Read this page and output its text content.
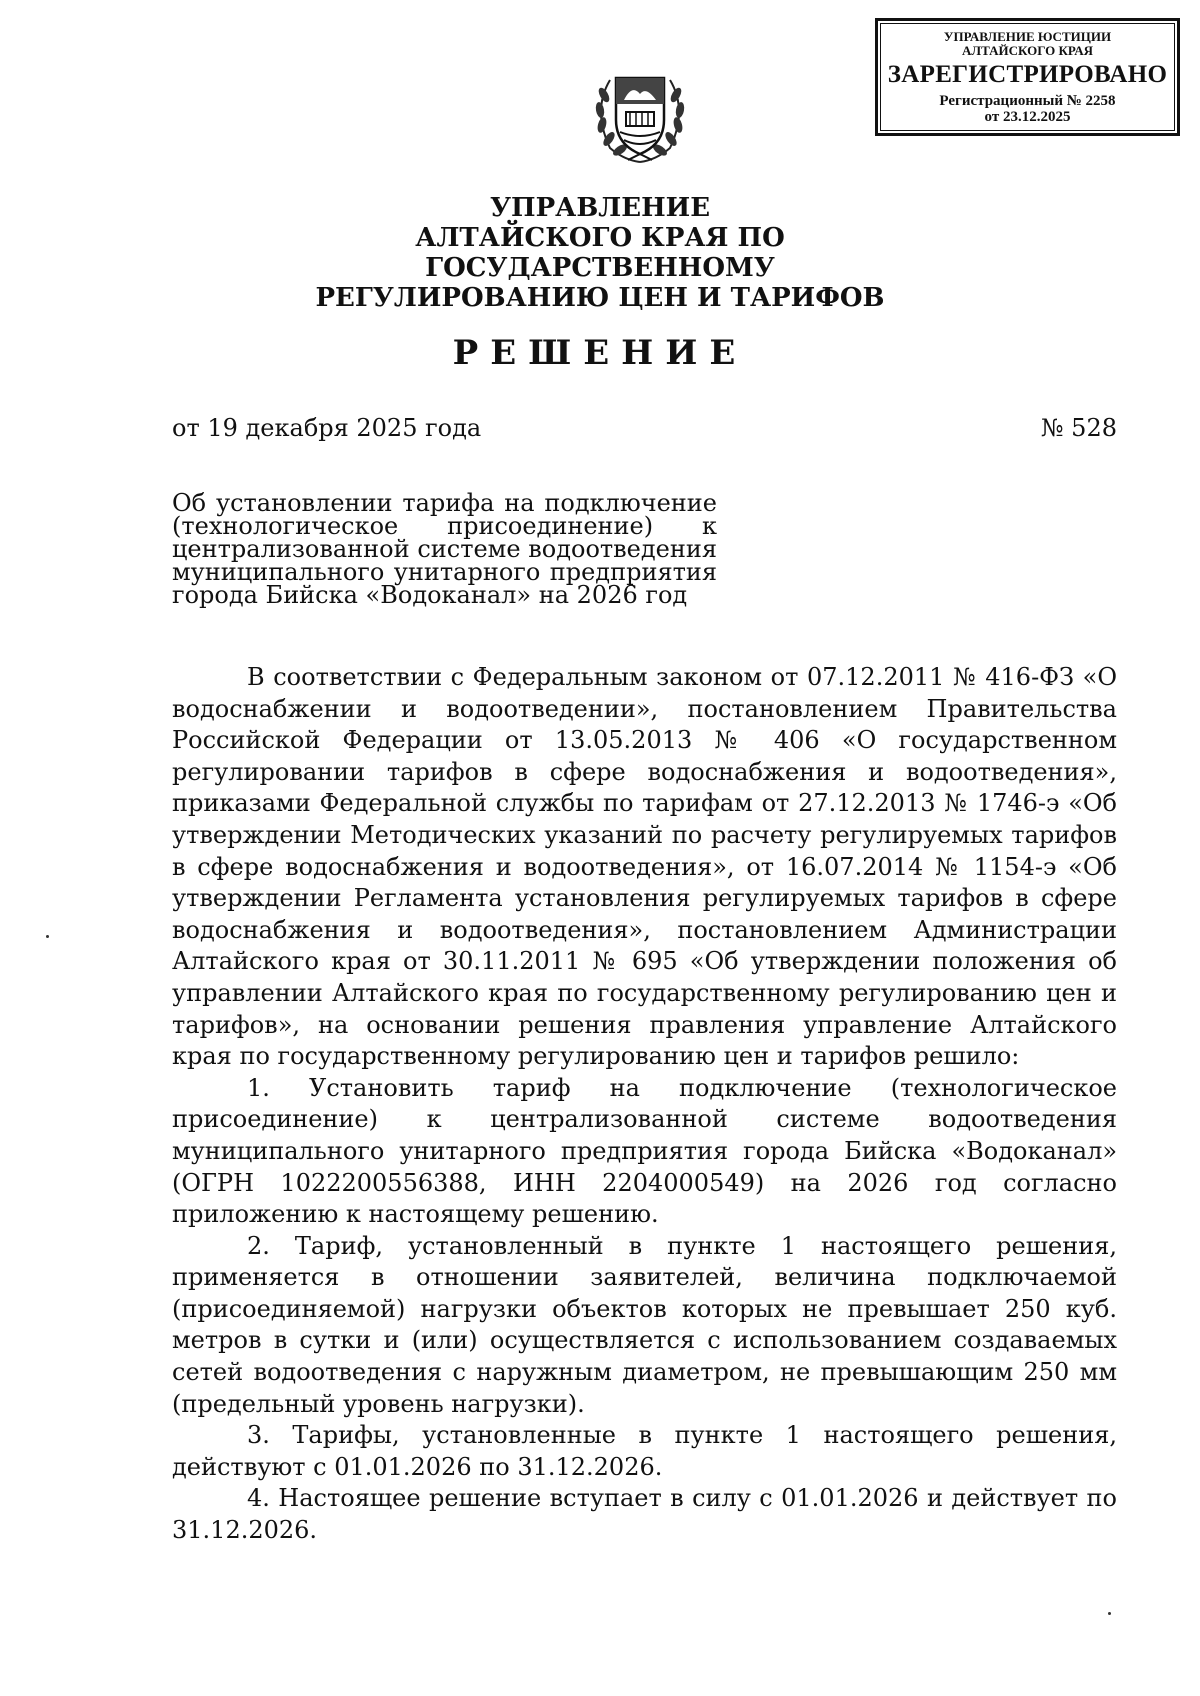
УПРАВЛЕНИЕ ЮСТИЦИИ
АЛТАЙСКОГО КРАЯ
ЗАРЕГИСТРИРОВАНО
Регистрационный № 2258
от 23.12.2025
УПРАВЛЕНИЕ
АЛТАЙСКОГО КРАЯ ПО ГОСУДАРСТВЕННОМУ
РЕГУЛИРОВАНИЮ ЦЕН И ТАРИФОВ
РЕШЕНИЕ
от 19 декабря 2025 года	№ 528
Об установлении тарифа на подключение (технологическое присоединение) к централизованной системе водоотведения муниципального унитарного предприятия города Бийска «Водоканал» на 2026 год

В соответствии с Федеральным законом от 07.12.2011 № 416-ФЗ «О водоснабжении и водоотведении», постановлением Правительства Российской Федерации от 13.05.2013 № 406 «О государственном регулировании тарифов в сфере водоснабжения и водоотведения», приказами Федеральной службы по тарифам от 27.12.2013 № 1746-э «Об утверждении Методических указаний по расчету регулируемых тарифов в сфере водоснабжения и водоотведения», от 16.07.2014 № 1154-э «Об утверждении Регламента установления регулируемых тарифов в сфере водоснабжения и водоотведения», постановлением Администрации Алтайского края от 30.11.2011 № 695 «Об утверждении положения об управлении Алтайского края по государственному регулированию цен и тарифов», на основании решения правления управление Алтайского края по государственному регулированию цен и тарифов решило:

1. Установить тариф на подключение (технологическое присоединение) к централизованной системе водоотведения муниципального унитарного предприятия города Бийска «Водоканал» (ОГРН 1022200556388, ИНН 2204000549) на 2026 год согласно приложению к настоящему решению.

2. Тариф, установленный в пункте 1 настоящего решения, применяется в отношении заявителей, величина подключаемой (присоединяемой) нагрузки объектов которых не превышает 250 куб. метров в сутки и (или) осуществляется с использованием создаваемых сетей водоотведения с наружным диаметром, не превышающим 250 мм (предельный уровень нагрузки).

3. Тарифы, установленные в пункте 1 настоящего решения, действуют с 01.01.2026 по 31.12.2026.

4. Настоящее решение вступает в силу с 01.01.2026 и действует по 31.12.2026.
